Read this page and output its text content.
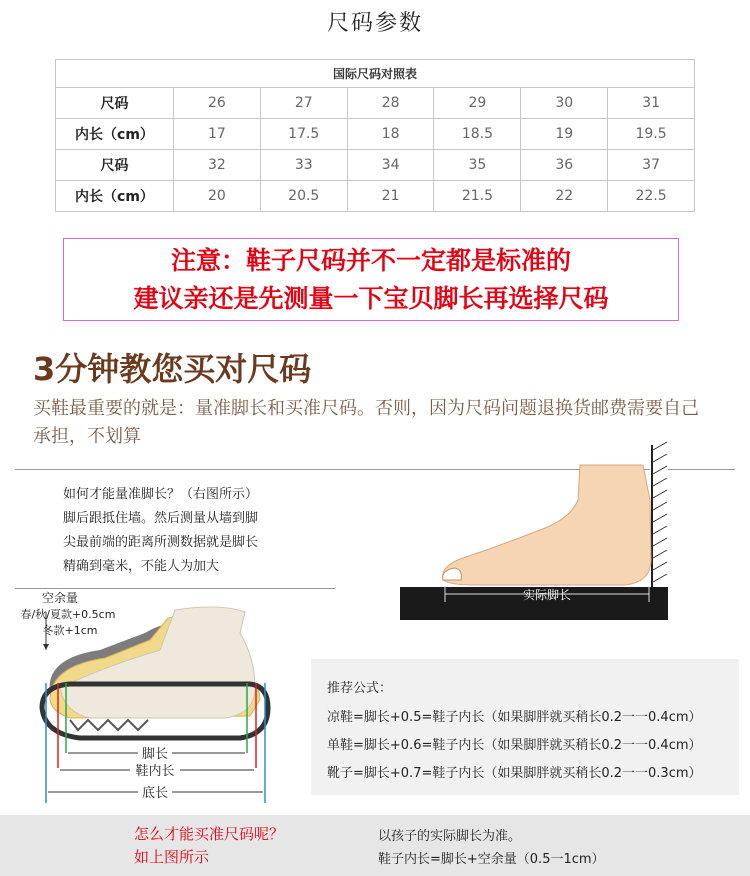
尺码参数
国际尺码对照表						
尺码	26	27	28	29	30	31
内长（cm）	17	17.5	18	18.5	19	19.5
尺码	32	33	34	35	36	37
内长（cm）	20	20.5	21	21.5	22	22.5
注意：鞋子尺码并不一定都是标准的
建议亲还是先测量一下宝贝脚长再选择尺码
3分钟教您买对尺码
买鞋最重要的就是：量准脚长和买准尺码。否则，因为尺码问题退换货邮费需要自己承担，不划算
如何才能量准脚长？（右图所示）
脚后跟抵住墙。然后测量从墙到脚
尖最前端的距离所测数据就是脚长
精确到毫米，不能人为加大
实际脚长
空余量
春/秋/夏款+0.5cm
冬款+1cm
脚长
鞋内长
底长
推荐公式：
凉鞋=脚长+0.5=鞋子内长（如果脚胖就买稍长0.2一一0.4cm）
单鞋=脚长+0.6=鞋子内长（如果脚胖就买稍长0.2一一0.4cm）
靴子=脚长+0.7=鞋子内长（如果脚胖就买稍长0.2一一0.3cm）
怎么才能买准尺码呢？
如上图所示
以孩子的实际脚长为准。
鞋子内长=脚长+空余量（0.5一1cm）
